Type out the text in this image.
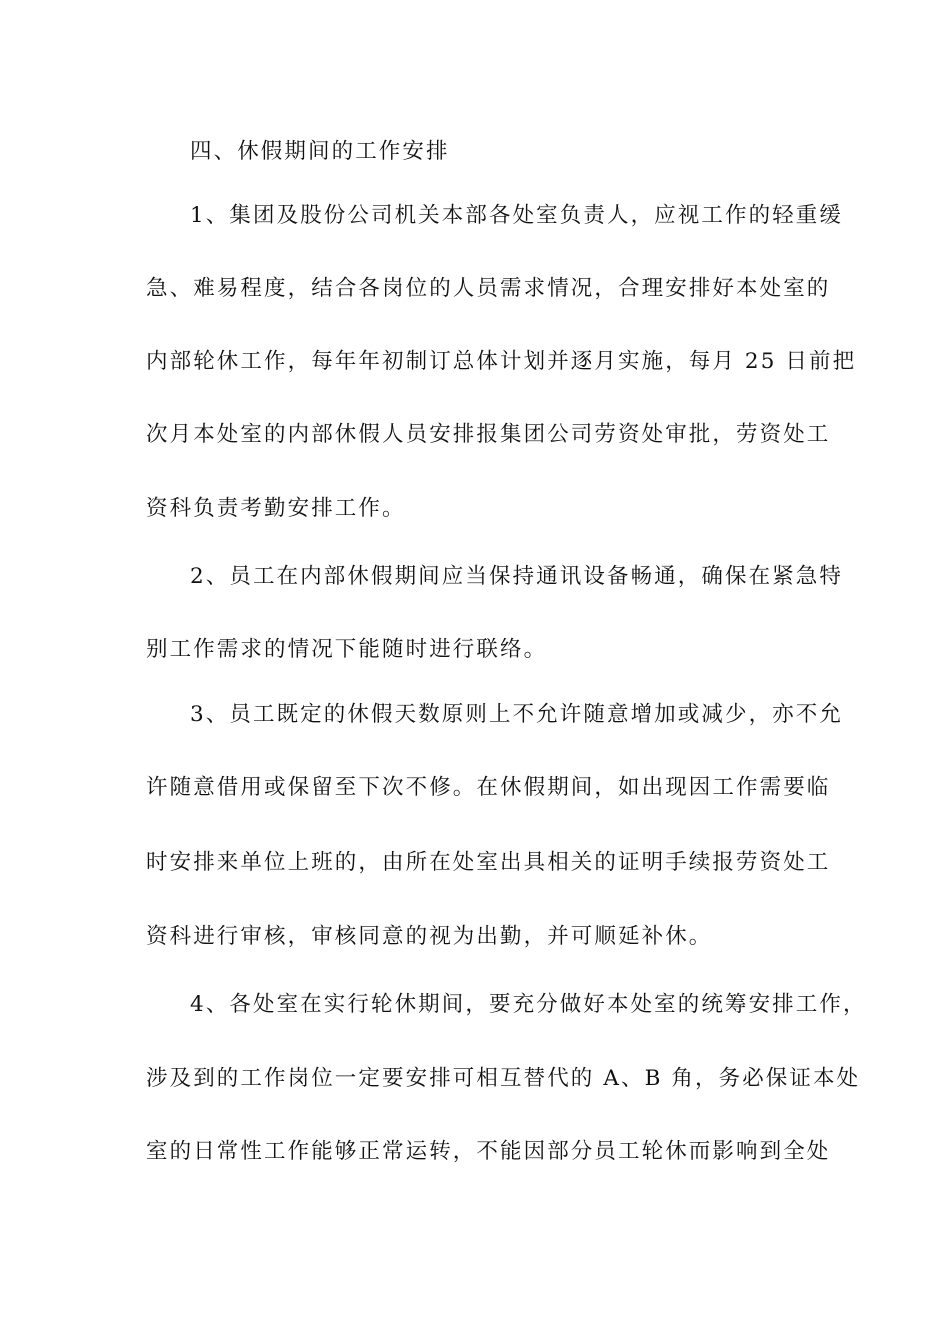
四、休假期间的工作安排
1、集团及股份公司机关本部各处室负责人，应视工作的轻重缓
急、难易程度，结合各岗位的人员需求情况，合理安排好本处室的
内部轮休工作，每年年初制订总体计划并逐月实施，每月 25 日前把
次月本处室的内部休假人员安排报集团公司劳资处审批，劳资处工
资科负责考勤安排工作。
2、员工在内部休假期间应当保持通讯设备畅通，确保在紧急特
别工作需求的情况下能随时进行联络。
3、员工既定的休假天数原则上不允许随意增加或减少，亦不允
许随意借用或保留至下次不修。在休假期间，如出现因工作需要临
时安排来单位上班的，由所在处室出具相关的证明手续报劳资处工
资科进行审核，审核同意的视为出勤，并可顺延补休。
4、各处室在实行轮休期间，要充分做好本处室的统筹安排工作，
涉及到的工作岗位一定要安排可相互替代的 A、B 角，务必保证本处
室的日常性工作能够正常运转，不能因部分员工轮休而影响到全处
